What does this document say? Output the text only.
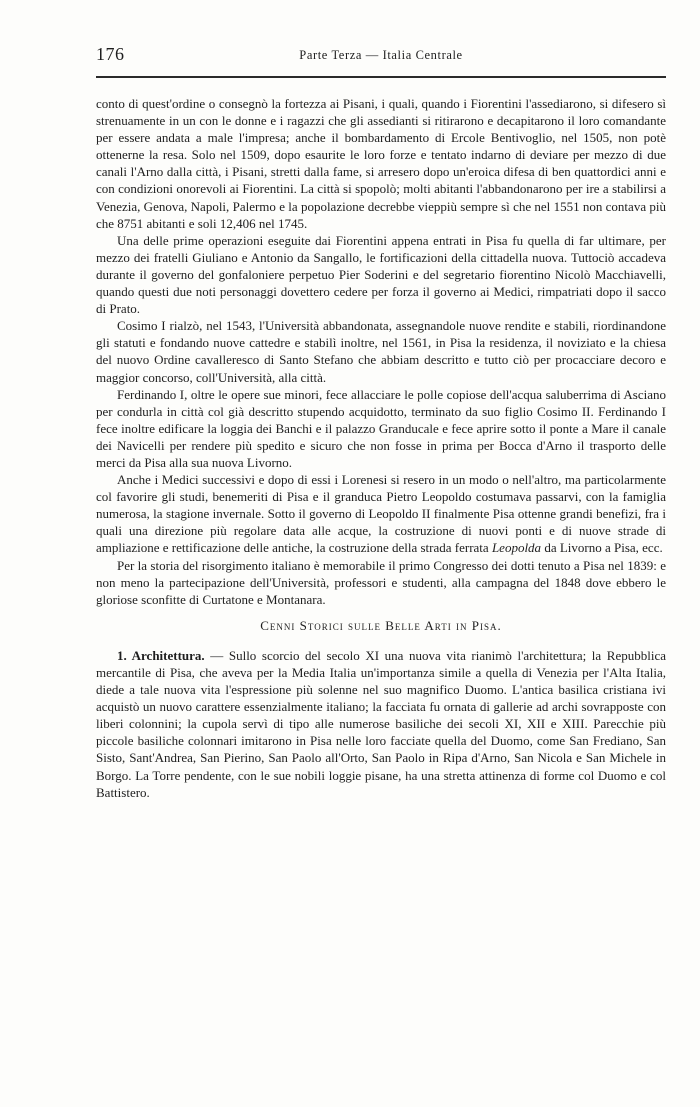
176	Parte Terza — Italia Centrale

conto di quest'ordine o consegnò la fortezza ai Pisani, i quali, quando i Fiorentini l'assediarono, si difesero sì strenuamente in un con le donne e i ragazzi che gli assedianti si ritirarono e decapitarono il loro comandante per essere andata a male l'impresa; anche il bombardamento di Ercole Bentivoglio, nel 1505, non potè ottenerne la resa. Solo nel 1509, dopo esaurite le loro forze e tentato indarno di deviare per mezzo di due canali l'Arno dalla città, i Pisani, stretti dalla fame, si arresero dopo un'eroica difesa di ben quattordici anni e con condizioni onorevoli ai Fiorentini. La città si spopolò; molti abitanti l'abbandonarono per ire a stabilirsi a Venezia, Genova, Napoli, Palermo e la popolazione decrebbe vieppiù sempre sì che nel 1551 non contava più che 8751 abitanti e soli 12,406 nel 1745.

Una delle prime operazioni eseguite dai Fiorentini appena entrati in Pisa fu quella di far ultimare, per mezzo dei fratelli Giuliano e Antonio da Sangallo, le fortificazioni della cittadella nuova. Tuttociò accadeva durante il governo del gonfaloniere perpetuo Pier Soderini e del segretario fiorentino Nicolò Macchiavelli, quando questi due noti personaggi dovettero cedere per forza il governo ai Medici, rimpatriati dopo il sacco di Prato.

Cosimo I rialzò, nel 1543, l'Università abbandonata, assegnandole nuove rendite e stabili, riordinandone gli statuti e fondando nuove cattedre e stabilì inoltre, nel 1561, in Pisa la residenza, il noviziato e la chiesa del nuovo Ordine cavalleresco di Santo Stefano che abbiam descritto e tutto ciò per procacciare decoro e maggior concorso, coll'Università, alla città.

Ferdinando I, oltre le opere sue minori, fece allacciare le polle copiose dell'acqua saluberrima di Asciano per condurla in città col già descritto stupendo acquidotto, terminato da suo figlio Cosimo II. Ferdinando I fece inoltre edificare la loggia dei Banchi e il palazzo Granducale e fece aprire sotto il ponte a Mare il canale dei Navicelli per rendere più spedito e sicuro che non fosse in prima per Bocca d'Arno il trasporto delle merci da Pisa alla sua nuova Livorno.

Anche i Medici successivi e dopo di essi i Lorenesi si resero in un modo o nell'altro, ma particolarmente col favorire gli studi, benemeriti di Pisa e il granduca Pietro Leopoldo costumava passarvi, con la famiglia numerosa, la stagione invernale. Sotto il governo di Leopoldo II finalmente Pisa ottenne grandi benefizi, fra i quali una direzione più regolare data alle acque, la costruzione di nuovi ponti e di nuove strade di ampliazione e rettificazione delle antiche, la costruzione della strada ferrata Leopolda da Livorno a Pisa, ecc.

Per la storia del risorgimento italiano è memorabile il primo Congresso dei dotti tenuto a Pisa nel 1839: e non meno la partecipazione dell'Università, professori e studenti, alla campagna del 1848 dove ebbero le gloriose sconfitte di Curtatone e Montanara.

Cenni Storici sulle Belle Arti in Pisa.

1. Architettura. — Sullo scorcio del secolo XI una nuova vita rianimò l'architettura; la Repubblica mercantile di Pisa, che aveva per la Media Italia un'importanza simile a quella di Venezia per l'Alta Italia, diede a tale nuova vita l'espressione più solenne nel suo magnifico Duomo. L'antica basilica cristiana ivi acquistò un nuovo carattere essenzialmente italiano; la facciata fu ornata di gallerie ad archi sovrapposte con liberi colonnini; la cupola servì di tipo alle numerose basiliche dei secoli XI, XII e XIII. Parecchie più piccole basiliche colonnari imitarono in Pisa nelle loro facciate quella del Duomo, come San Frediano, San Sisto, Sant'Andrea, San Pierino, San Paolo all'Orto, San Paolo in Ripa d'Arno, San Nicola e San Michele in Borgo. La Torre pendente, con le sue nobili loggie pisane, ha una stretta attinenza di forme col Duomo e col Battistero.
